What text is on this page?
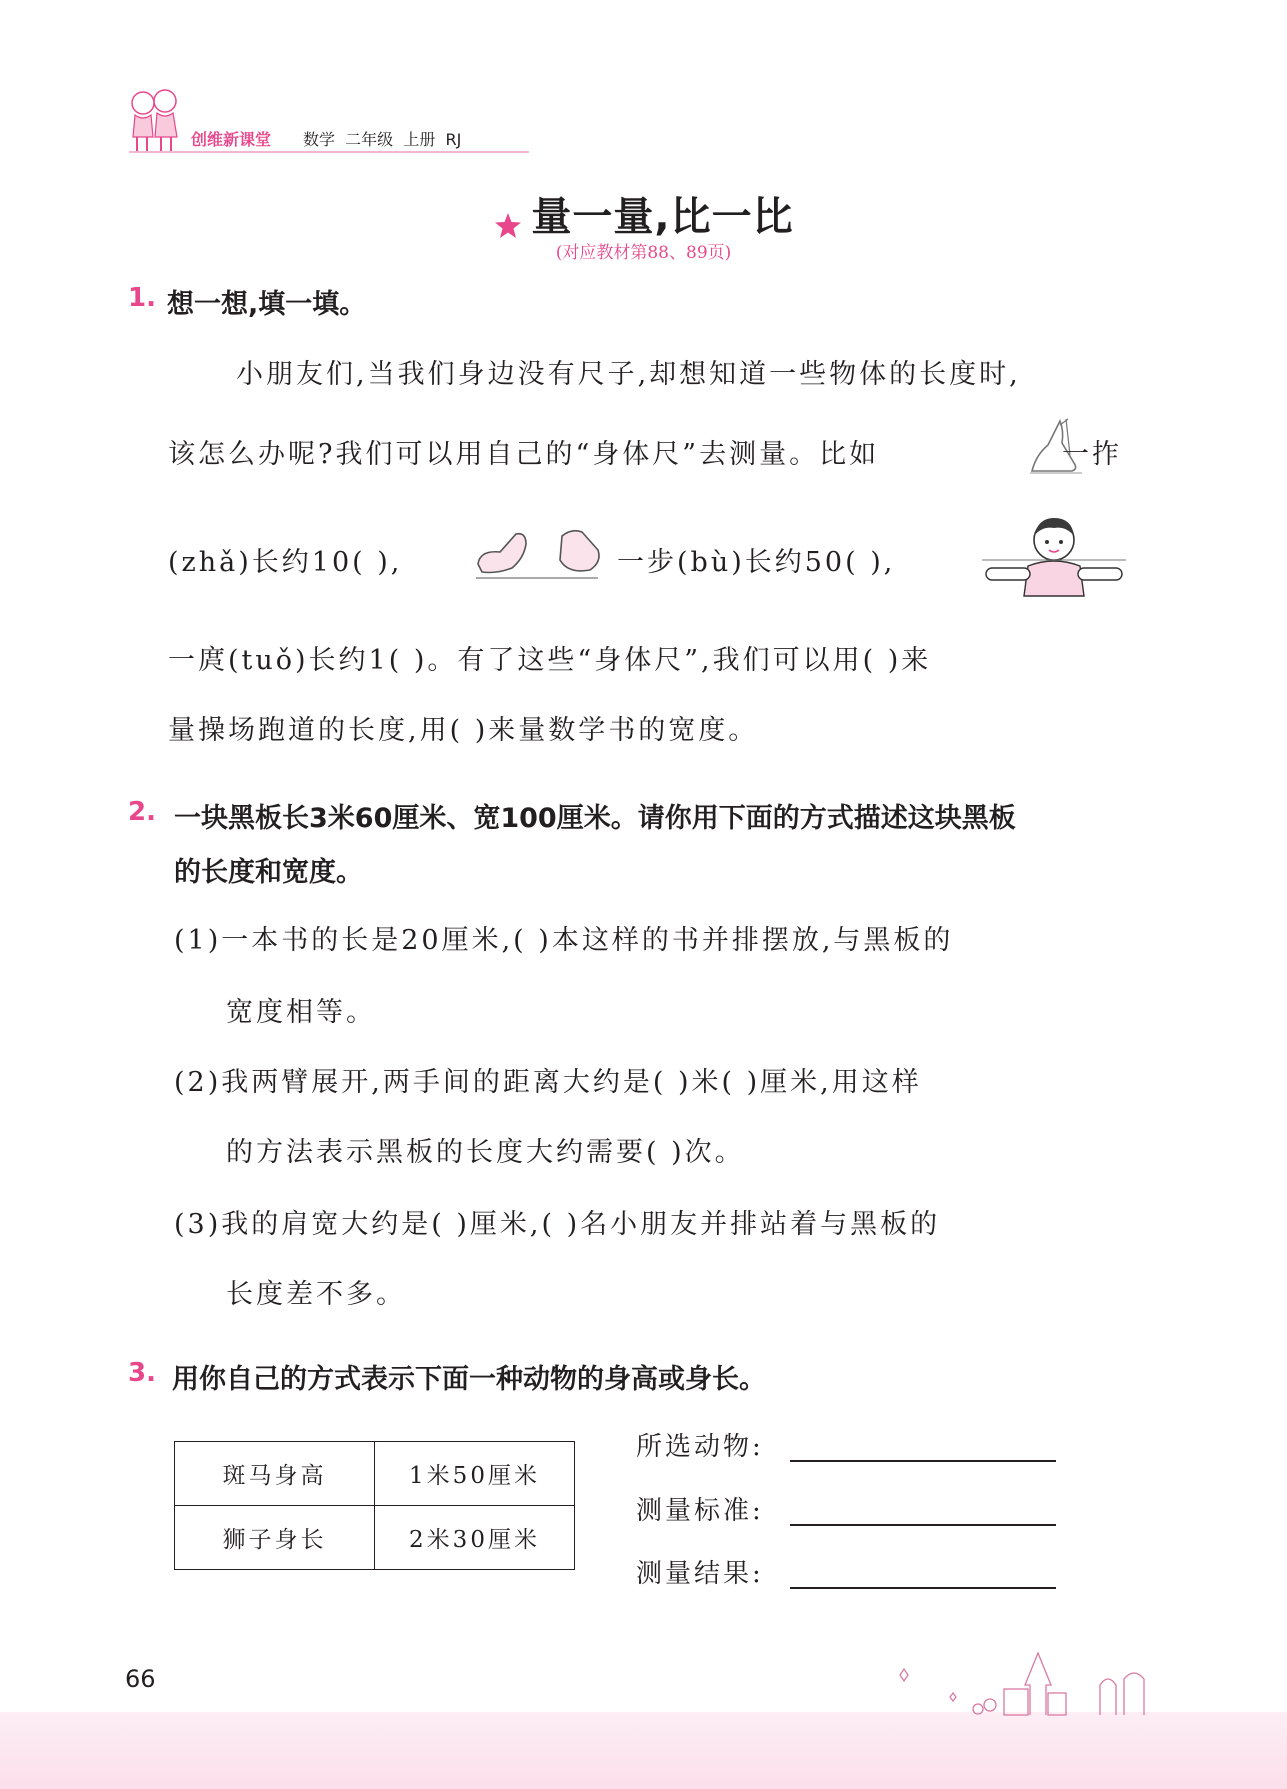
创维新课堂 数学  二年级  上册  RJ
量一量,比一比
(对应教材第88、89页)
1. 想一想,填一填。
小朋友们,当我们身边没有尺子,却想知道一些物体的长度时,
该怎么办呢?我们可以用自己的“身体尺”去测量。比如	一拃
(zhǎ)长约10( ),	一步(bù)长约50( ),
一庹(tuǒ)长约1( )。有了这些“身体尺”,我们可以用( )来
量操场跑道的长度,用( )来量数学书的宽度。
2. 一块黑板长3米60厘米、宽100厘米。请你用下面的方式描述这块黑板
的长度和宽度。
(1)一本书的长是20厘米,( )本这样的书并排摆放,与黑板的
宽度相等。
(2)我两臂展开,两手间的距离大约是( )米( )厘米,用这样
的方法表示黑板的长度大约需要( )次。
(3)我的肩宽大约是( )厘米,( )名小朋友并排站着与黑板的
长度差不多。
3. 用你自己的方式表示下面一种动物的身高或身长。
斑马身高	1米50厘米
狮子身长	2米30厘米
所选动物:
测量标准:
测量结果:
66
